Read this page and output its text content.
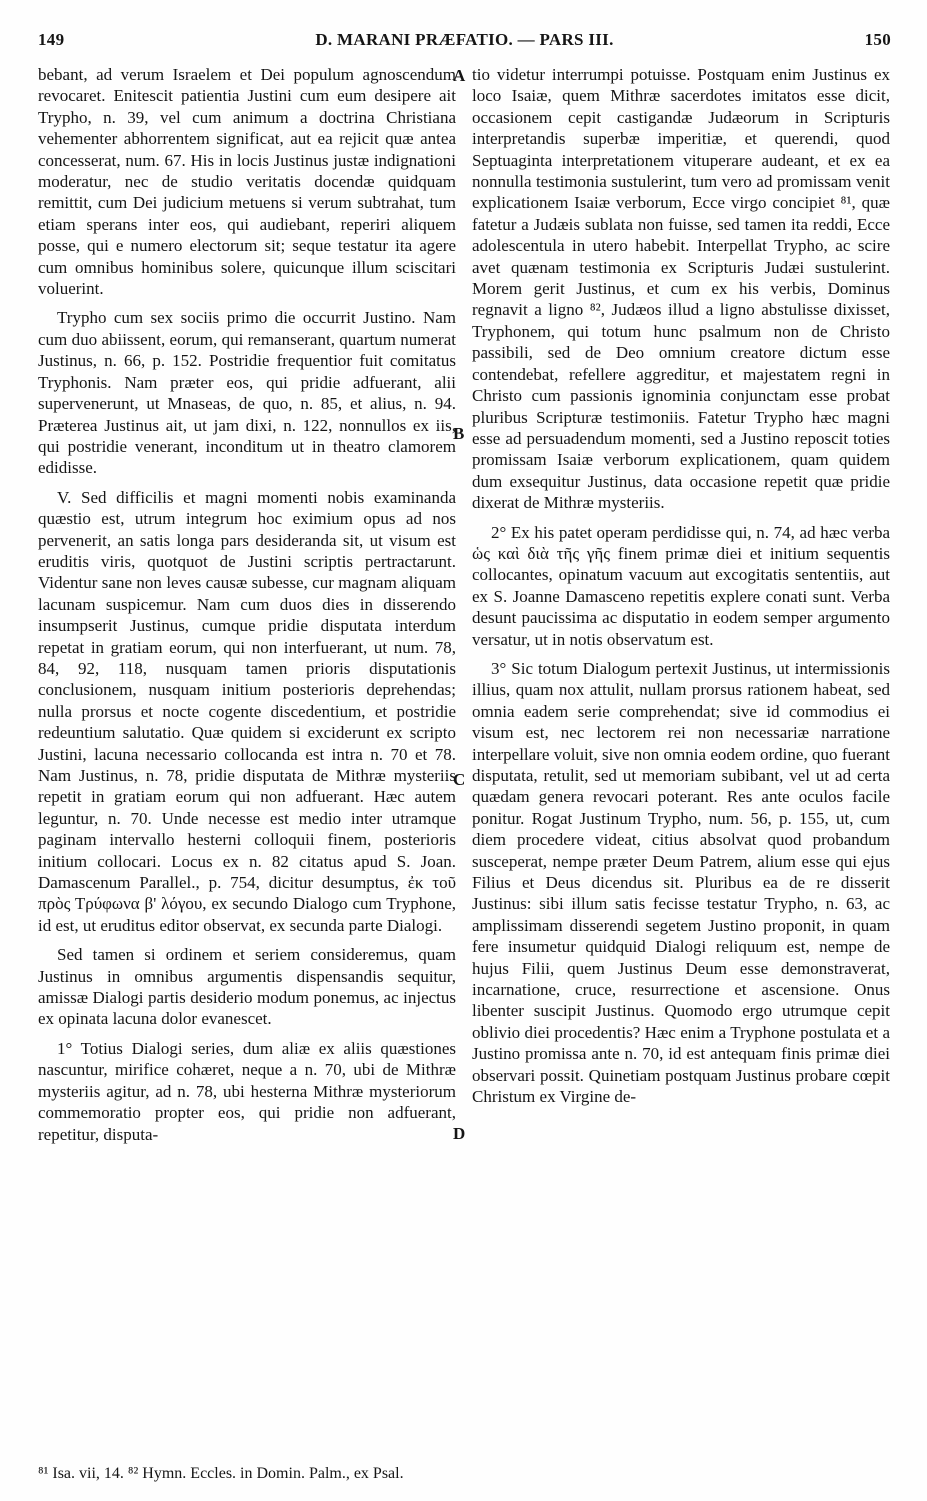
149	D. MARANI PRÆFATIO. — PARS III.	150

bebant, ad verum Israelem et Dei populum agnoscendum revocaret. Enitescit patientia Justini cum eum desipere ait Trypho, n. 39, vel cum animum a doctrina Christiana vehementer abhorrentem significat, aut ea rejicit quæ antea concesserat, num. 67. His in locis Justinus justæ indignationi moderatur, nec de studio veritatis docendæ quidquam remittit, cum Dei judicium metuens si verum subtrahat, tum etiam sperans inter eos, qui audiebant, reperiri aliquem posse, qui e numero electorum sit; seque testatur ita agere cum omnibus hominibus solere, quicunque illum sciscitari voluerint.

Trypho cum sex sociis primo die occurrit Justino. Nam cum duo abiissent, eorum, qui remanserant, quartum numerat Justinus, n. 66, p. 152. Postridie frequentior fuit comitatus Tryphonis. Nam præter eos, qui pridie adfuerant, alii supervenerunt, ut Mnaseas, de quo, n. 85, et alius, n. 94. Præterea Justinus ait, ut jam dixi, n. 122, nonnullos ex iis, qui postridie venerant, inconditum ut in theatro clamorem edidisse.

V. Sed difficilis et magni momenti nobis examinanda quæstio est, utrum integrum hoc eximium opus ad nos pervenerit, an satis longa pars desideranda sit, ut visum est eruditis viris, quotquot de Justini scriptis pertractarunt. Videntur sane non leves causæ subesse, cur magnam aliquam lacunam suspicemur. Nam cum duos dies in disserendo insumpserit Justinus, cumque pridie disputata interdum repetat in gratiam eorum, qui non interfuerant, ut num. 78, 84, 92, 118, nusquam tamen prioris disputationis conclusionem, nusquam initium posterioris deprehendas; nulla prorsus et nocte cogente discedentium, et postridie redeuntium salutatio. Quæ quidem si exciderunt ex scripto Justini, lacuna necessario collocanda est intra n. 70 et 78. Nam Justinus, n. 78, pridie disputata de Mithræ mysteriis repetit in gratiam eorum qui non adfuerant. Hæc autem leguntur, n. 70. Unde necesse est medio inter utramque paginam intervallo hesterni colloquii finem, posterioris initium collocari. Locus ex n. 82 citatus apud S. Joan. Damascenum Parallel., p. 754, dicitur desumptus, ἐκ τοῦ πρὸς Τρύφωνα β' λόγου, ex secundo Dialogo cum Tryphone, id est, ut eruditus editor observat, ex secunda parte Dialogi.

Sed tamen si ordinem et seriem consideremus, quam Justinus in omnibus argumentis dispensandis sequitur, amissæ Dialogi partis desiderio modum ponemus, ac injectus ex opinata lacuna dolor evanescet.

1° Totius Dialogi series, dum aliæ ex aliis quæstiones nascuntur, mirifice cohæret, neque a n. 70, ubi de Mithræ mysteriis agitur, ad n. 78, ubi hesterna Mithræ mysteriorum commemoratio propter eos, qui pridie non adfuerant, repetitur, disputa-

A
B
C
D

tio videtur interrumpi potuisse. Postquam enim Justinus ex loco Isaiæ, quem Mithræ sacerdotes imitatos esse dicit, occasionem cepit castigandæ Judæorum in Scripturis interpretandis superbæ imperitiæ, et querendi, quod Septuaginta interpretationem vituperare audeant, et ex ea nonnulla testimonia sustulerint, tum vero ad promissam venit explicationem Isaiæ verborum, Ecce virgo concipiet ⁸¹, quæ fatetur a Judæis sublata non fuisse, sed tamen ita reddi, Ecce adolescentula in utero habebit. Interpellat Trypho, ac scire avet quænam testimonia ex Scripturis Judæi sustulerint. Morem gerit Justinus, et cum ex his verbis, Dominus regnavit a ligno ⁸², Judæos illud a ligno abstulisse dixisset, Tryphonem, qui totum hunc psalmum non de Christo passibili, sed de Deo omnium creatore dictum esse contendebat, refellere aggreditur, et majestatem regni in Christo cum passionis ignominia conjunctam esse probat pluribus Scripturæ testimoniis. Fatetur Trypho hæc magni esse ad persuadendum momenti, sed a Justino reposcit toties promissam Isaiæ verborum explicationem, quam quidem dum exsequitur Justinus, data occasione repetit quæ pridie dixerat de Mithræ mysteriis.

2° Ex his patet operam perdidisse qui, n. 74, ad hæc verba ὡς καὶ διὰ τῆς γῆς finem primæ diei et initium sequentis collocantes, opinatum vacuum aut excogitatis sententiis, aut ex S. Joanne Damasceno repetitis explere conati sunt. Verba desunt paucissima ac disputatio in eodem semper argumento versatur, ut in notis observatum est.

3° Sic totum Dialogum pertexit Justinus, ut intermissionis illius, quam nox attulit, nullam prorsus rationem habeat, sed omnia eadem serie comprehendat; sive id commodius ei visum est, nec lectorem rei non necessariæ narratione interpellare voluit, sive non omnia eodem ordine, quo fuerant disputata, retulit, sed ut memoriam subibant, vel ut ad certa quædam genera revocari poterant. Res ante oculos facile ponitur. Rogat Justinum Trypho, num. 56, p. 155, ut, cum diem procedere videat, citius absolvat quod probandum susceperat, nempe præter Deum Patrem, alium esse qui ejus Filius et Deus dicendus sit. Pluribus ea de re disserit Justinus: sibi illum satis fecisse testatur Trypho, n. 63, ac amplissimam disserendi segetem Justino proponit, in quam fere insumetur quidquid Dialogi reliquum est, nempe de hujus Filii, quem Justinus Deum esse demonstraverat, incarnatione, cruce, resurrectione et ascensione. Onus libenter suscipit Justinus. Quomodo ergo utrumque cepit oblivio diei procedentis? Hæc enim a Tryphone postulata et a Justino promissa ante n. 70, id est antequam finis primæ diei observari possit. Quinetiam postquam Justinus probare cœpit Christum ex Virgine de-

⁸¹ Isa. vii, 14. ⁸² Hymn. Eccles. in Domin. Palm., ex Psal.
